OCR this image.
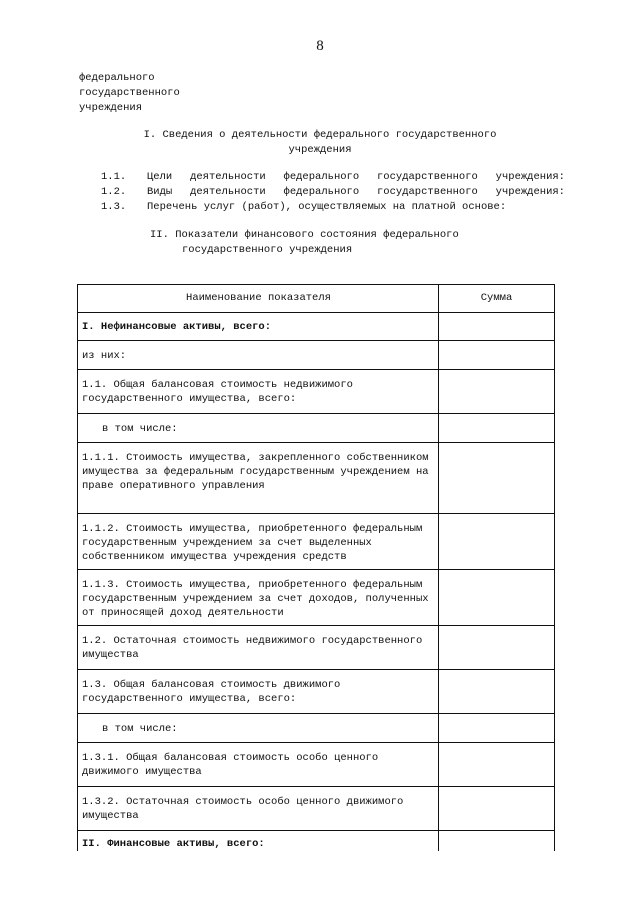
8
федерального
государственного
учреждения
I. Сведения о деятельности федерального государственного
учреждения
1.1.	Цели деятельности федерального государственного учреждения:
1.2.	Виды деятельности федерального государственного учреждения:
1.3.	Перечень услуг (работ), осуществляемых на платной основе:
II. Показатели финансового состояния федерального
государственного учреждения
Наименование показателя	Сумма
I. Нефинансовые активы, всего:
из них:
1.1. Общая балансовая стоимость недвижимого государственного имущества, всего:
в том числе:
1.1.1. Стоимость имущества, закрепленного собственником имущества за федеральным государственным учреждением на праве оперативного управления
1.1.2. Стоимость имущества, приобретенного федеральным государственным учреждением за счет выделенных собственником имущества учреждения средств
1.1.3. Стоимость имущества, приобретенного федеральным государственным учреждением за счет доходов, полученных от приносящей доход деятельности
1.2. Остаточная стоимость недвижимого государственного имущества
1.3. Общая балансовая стоимость движимого государственного имущества, всего:
в том числе:
1.3.1. Общая балансовая стоимость особо ценного движимого имущества
1.3.2. Остаточная стоимость особо ценного движимого имущества
II. Финансовые активы, всего:
